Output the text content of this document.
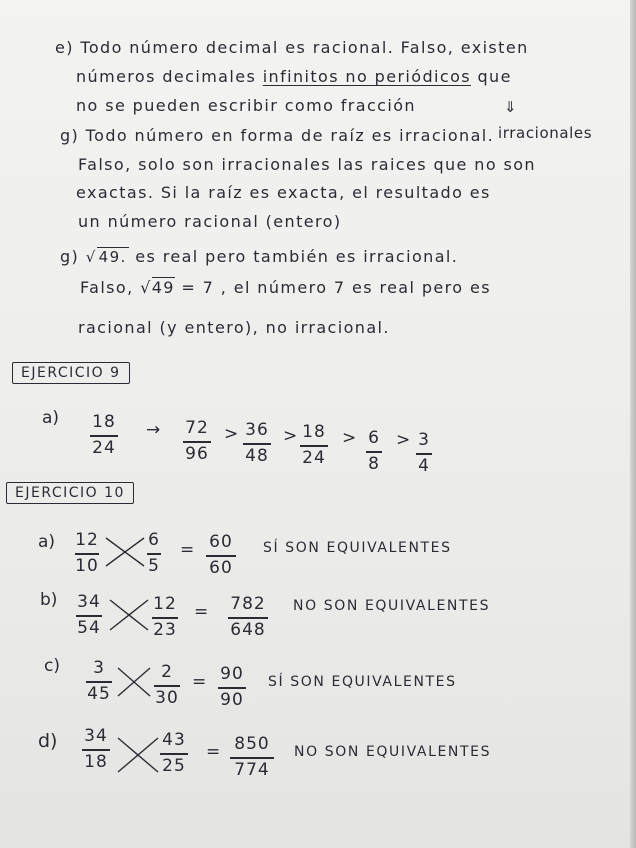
e) Todo número decimal es racional. Falso, existen
números decimales infinitos no periódicos que
no se pueden escribir como fracción	⇓
irracionales
g) Todo número en forma de raíz es irracional.
Falso, solo son irracionales las raices que no son
exactas. Si la raíz es exacta, el resultado es
un número racional (entero)
g) √ 49. es real pero también es irracional.
Falso, √49 = 7 , el número 7 es real pero es
racional (y entero), no irracional.
EJERCICIO 9
a) 18
24
→ 72
96
> 36
48
> 18
24
> 6
8
> 3
4
EJERCICIO 10
a) 12
10
6
5
= 60
60
SÍ SON EQUIVALENTES
b) 34
54
12
23
= 782
648
NO SON EQUIVALENTES
c) 3
45
2
30
= 90
90
SÍ SON EQUIVALENTES
d) 34
18
43
25
= 850
774
NO SON EQUIVALENTES
